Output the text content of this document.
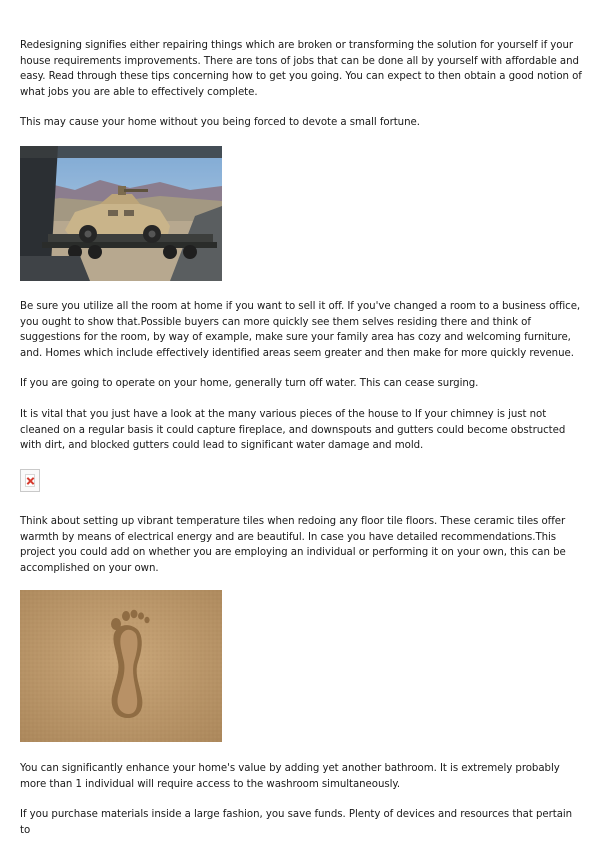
Redesigning signifies either repairing things which are broken or transforming the solution for yourself if your house requirements improvements. There are tons of jobs that can be done all by yourself with affordable and easy. Read through these tips concerning how to get you going. You can expect to then obtain a good notion of what jobs you are able to effectively complete.

This may cause your home without you being forced to devote a small fortune.

Be sure you utilize all the room at home if you want to sell it off. If you've changed a room to a business office, you ought to show that.Possible buyers can more quickly see them selves residing there and think of suggestions for the room, by way of example, make sure your family area has cozy and welcoming furniture, and. Homes which include effectively identified areas seem greater and then make for more quickly revenue.

If you are going to operate on your home, generally turn off water. This can cease surging.

It is vital that you just have a look at the many various pieces of the house to If your chimney is just not cleaned on a regular basis it could capture fireplace, and downspouts and gutters could become obstructed with dirt, and blocked gutters could lead to significant water damage and mold.

Think about setting up vibrant temperature tiles when redoing any floor tile floors. These ceramic tiles offer warmth by means of electrical energy and are beautiful. In case you have detailed recommendations.This project you could add on whether you are employing an individual or performing it on your own, this can be accomplished on your own.

You can significantly enhance your home's value by adding yet another bathroom. It is extremely probably more than 1 individual will require access to the washroom simultaneously.

If you purchase materials inside a large fashion, you save funds. Plenty of devices and resources that pertain to
